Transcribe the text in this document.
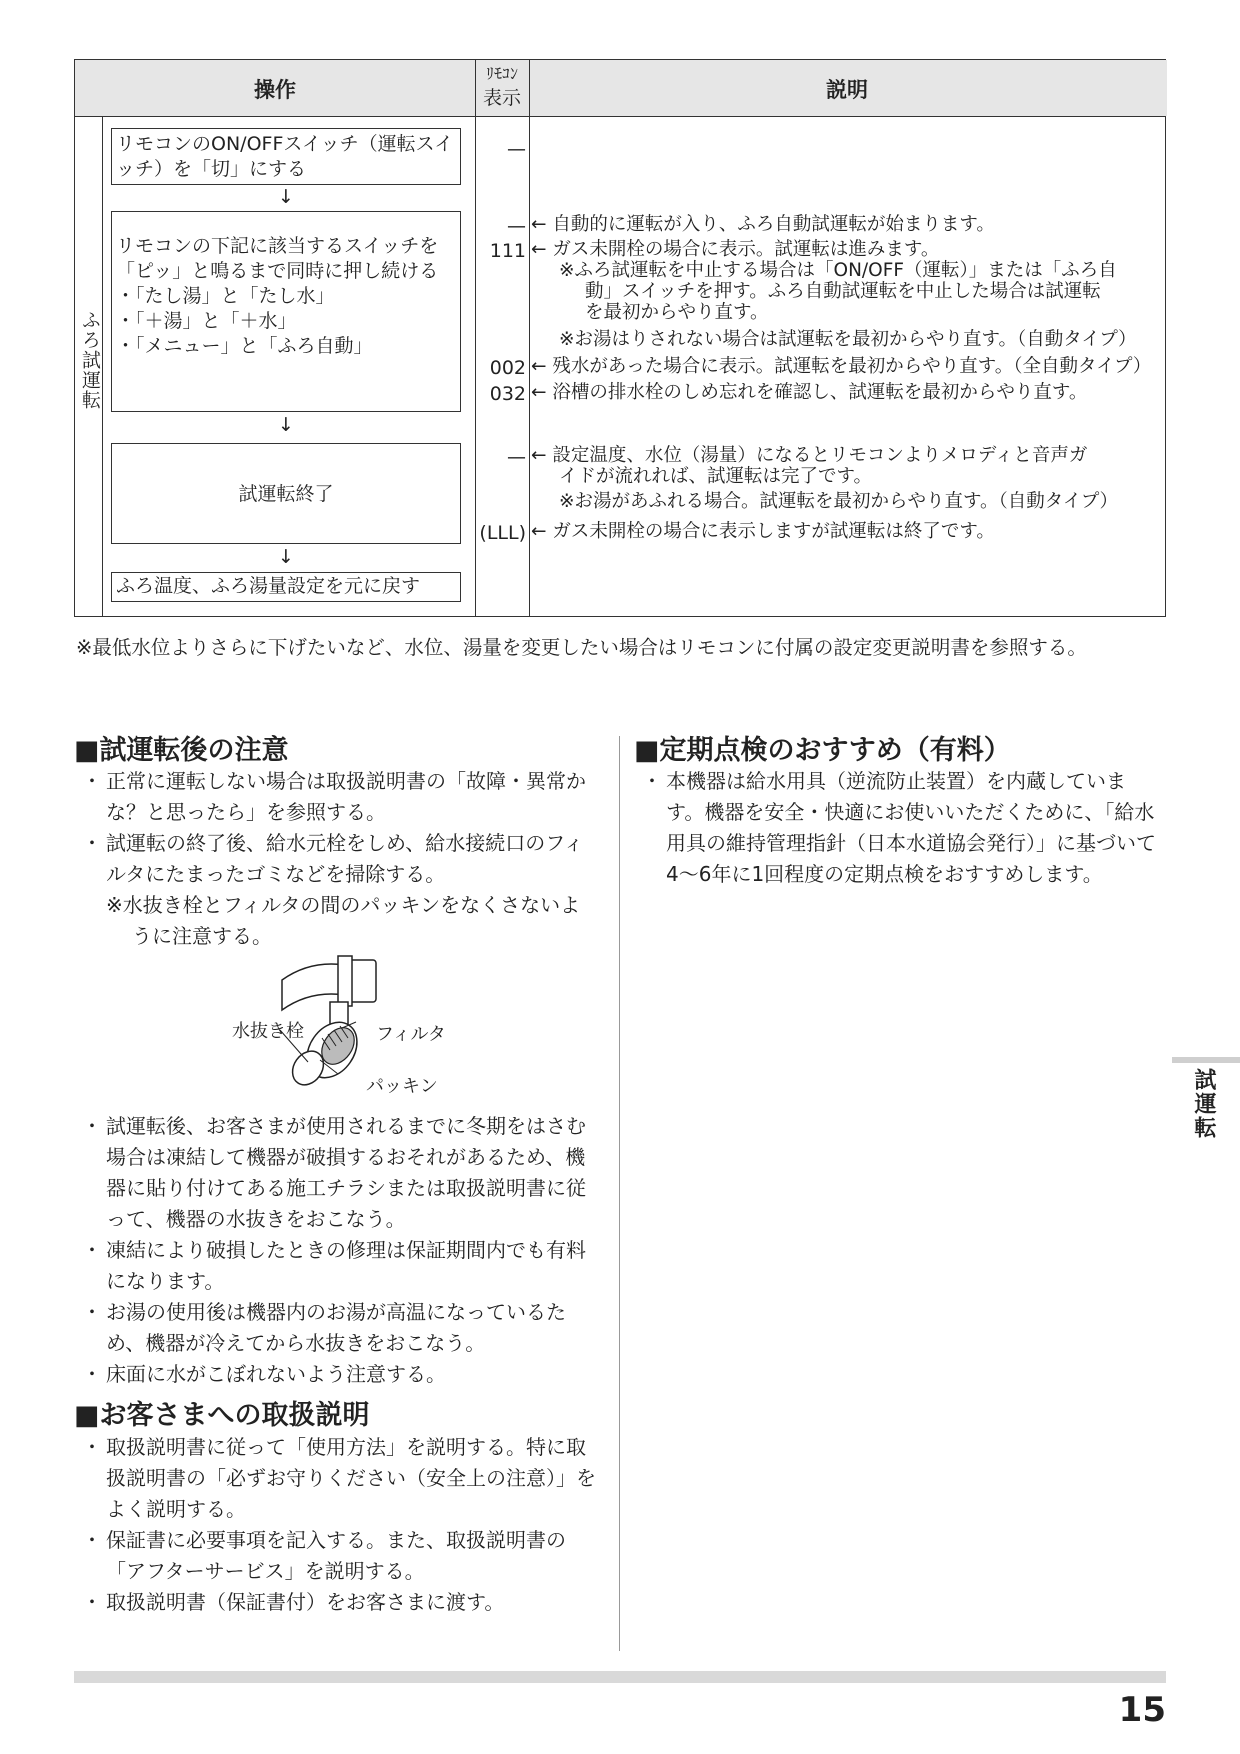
操作
ﾘﾓｺﾝ
表示	説明
ふろ試運転
リモコンのON/OFFスイッチ（運転スイッチ）を「切」にする
↓
リモコンの下記に該当するスイッチを「ピッ」と鳴るまで同時に押し続ける
・「たし湯」と「たし水」
・「＋湯」と「＋水」
・「メニュー」と「ふろ自動」
↓
試運転終了
↓
ふろ温度、ふろ湯量設定を元に戻す
—
—
111
002
032
—
(LLL)
← 自動的に運転が入り、ふろ自動試運転が始まります。
← ガス未開栓の場合に表示。試運転は進みます。
※ふろ試運転を中止する場合は「ON/OFF（運転）」または「ふろ自
動」スイッチを押す。ふろ自動試運転を中止した場合は試運転
を最初からやり直す。
※お湯はりされない場合は試運転を最初からやり直す。（自動タイプ）
← 残水があった場合に表示。試運転を最初からやり直す。（全自動タイプ）
← 浴槽の排水栓のしめ忘れを確認し、試運転を最初からやり直す。
← 設定温度、水位（湯量）になるとリモコンよりメロディと音声ガ
イドが流れれば、試運転は完了です。
※お湯があふれる場合。試運転を最初からやり直す。（自動タイプ）
← ガス未開栓の場合に表示しますが試運転は終了です。
※最低水位よりさらに下げたいなど、水位、湯量を変更したい場合はリモコンに付属の設定変更説明書を参照する。
■試運転後の注意
・ 正常に運転しない場合は取扱説明書の「故障・異常かな？と思ったら」を参照する。
・ 試運転の終了後、給水元栓をしめ、給水接続口のフィルタにたまったゴミなどを掃除する。
※水抜き栓とフィルタの間のパッキンをなくさないように注意する。
水抜き栓	フィルタ
パッキン
・ 試運転後、お客さまが使用されるまでに冬期をはさむ場合は凍結して機器が破損するおそれがあるため、機器に貼り付けてある施工チラシまたは取扱説明書に従って、機器の水抜きをおこなう。
・ 凍結により破損したときの修理は保証期間内でも有料になります。
・ お湯の使用後は機器内のお湯が高温になっているため、機器が冷えてから水抜きをおこなう。
・ 床面に水がこぼれないよう注意する。
■お客さまへの取扱説明
・ 取扱説明書に従って「使用方法」を説明する。特に取扱説明書の「必ずお守りください（安全上の注意）」をよく説明する。
・ 保証書に必要事項を記入する。また、取扱説明書の「アフターサービス」を説明する。
・ 取扱説明書（保証書付）をお客さまに渡す。
■定期点検のおすすめ（有料）
・ 本機器は給水用具（逆流防止装置）を内蔵しています。機器を安全・快適にお使いいただくために、「給水用具の維持管理指針（日本水道協会発行）」に基づいて4〜6年に1回程度の定期点検をおすすめします。
試運転
15
